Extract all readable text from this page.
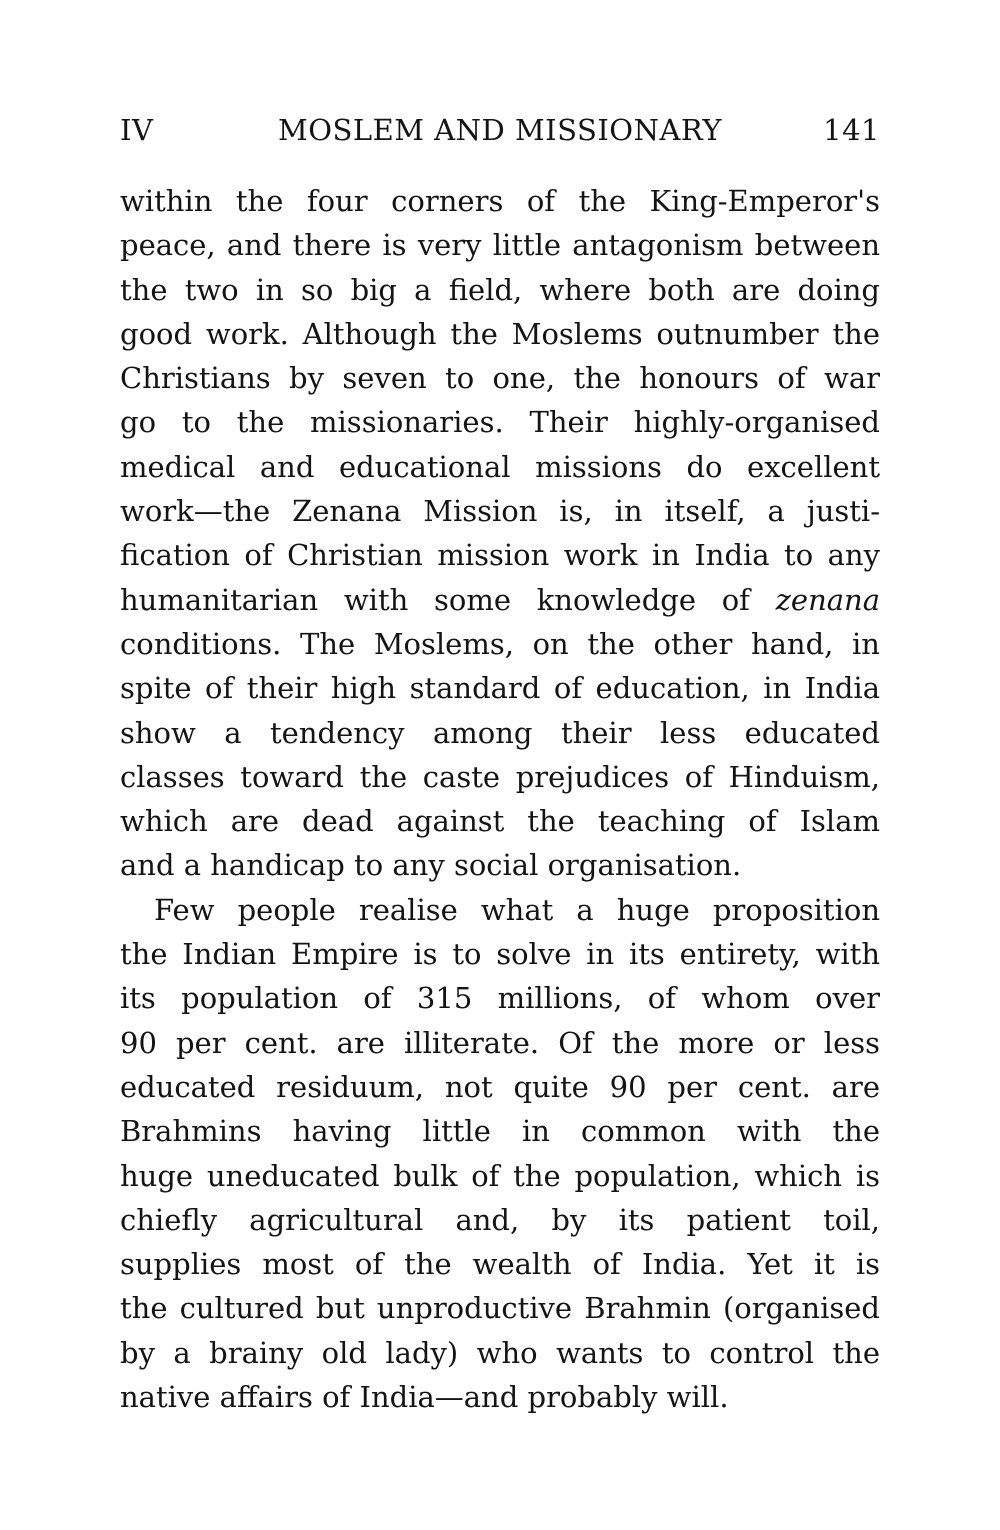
IV	MOSLEM AND MISSIONARY	141
within the four corners of the King-Emperor's
peace, and there is very little antagonism between
the two in so big a field, where both are doing
good work. Although the Moslems outnumber the
Christians by seven to one, the honours of war
go to the missionaries. Their highly-organised
medical and educational missions do excellent
work—the Zenana Mission is, in itself, a justi-
fication of Christian mission work in India to any
humanitarian with some knowledge of zenana
conditions. The Moslems, on the other hand, in
spite of their high standard of education, in India
show a tendency among their less educated
classes toward the caste prejudices of Hinduism,
which are dead against the teaching of Islam
and a handicap to any social organisation.
Few people realise what a huge proposition
the Indian Empire is to solve in its entirety, with
its population of 315 millions, of whom over
90 per cent. are illiterate. Of the more or less
educated residuum, not quite 90 per cent. are
Brahmins having little in common with the
huge uneducated bulk of the population, which is
chiefly agricultural and, by its patient toil,
supplies most of the wealth of India. Yet it is
the cultured but unproductive Brahmin (organised
by a brainy old lady) who wants to control the
native affairs of India—and probably will.
